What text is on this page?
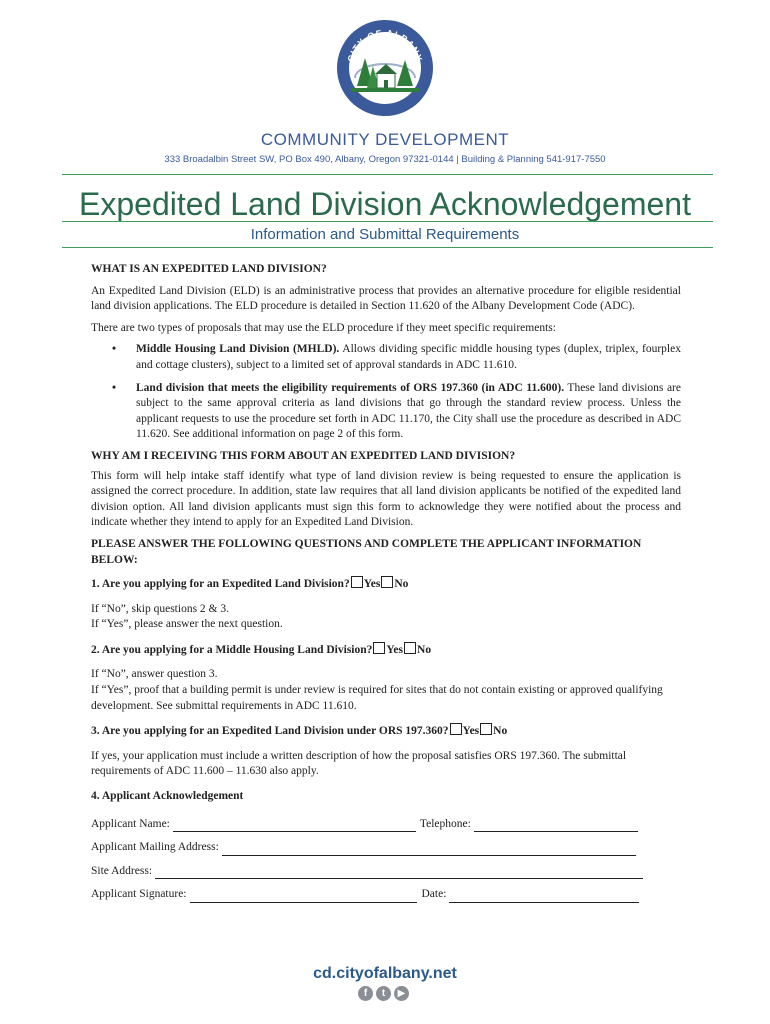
CITY OF ALBANY
OREGON
COMMUNITY DEVELOPMENT
333 Broadalbin Street SW, PO Box 490, Albany, Oregon 97321-0144 | Building & Planning 541-917-7550
Expedited Land Division Acknowledgement
Information and Submittal Requirements

WHAT IS AN EXPEDITED LAND DIVISION?

An Expedited Land Division (ELD) is an administrative process that provides an alternative procedure for eligible residential land division applications. The ELD procedure is detailed in Section 11.620 of the Albany Development Code (ADC).

There are two types of proposals that may use the ELD procedure if they meet specific requirements:

• Middle Housing Land Division (MHLD). Allows dividing specific middle housing types (duplex, triplex, fourplex and cottage clusters), subject to a limited set of approval standards in ADC 11.610.
• Land division that meets the eligibility requirements of ORS 197.360 (in ADC 11.600). These land divisions are subject to the same approval criteria as land divisions that go through the standard review process. Unless the applicant requests to use the procedure set forth in ADC 11.170, the City shall use the procedure as described in ADC 11.620. See additional information on page 2 of this form.

WHY AM I RECEIVING THIS FORM ABOUT AN EXPEDITED LAND DIVISION?

This form will help intake staff identify what type of land division review is being requested to ensure the application is assigned the correct procedure. In addition, state law requires that all land division applicants be notified of the expedited land division option. All land division applicants must sign this form to acknowledge they were notified about the process and indicate whether they intend to apply for an Expedited Land Division.

PLEASE ANSWER THE FOLLOWING QUESTIONS AND COMPLETE THE APPLICANT INFORMATION BELOW:

1. Are you applying for an Expedited Land Division? Yes No

If “No”, skip questions 2 & 3.

If “Yes”, please answer the next question.

2. Are you applying for a Middle Housing Land Division? Yes No

If “No”, answer question 3.

If “Yes”, proof that a building permit is under review is required for sites that do not contain existing or approved qualifying development. See submittal requirements in ADC 11.610.

3. Are you applying for an Expedited Land Division under ORS 197.360? Yes No

If yes, your application must include a written description of how the proposal satisfies ORS 197.360. The submittal requirements of ADC 11.600 – 11.630 also apply.

4. Applicant Acknowledgement

Applicant Name:	Telephone:
Applicant Mailing Address:
Site Address:
Applicant Signature:	Date:
cd.cityofalbany.net
f	t	▶
